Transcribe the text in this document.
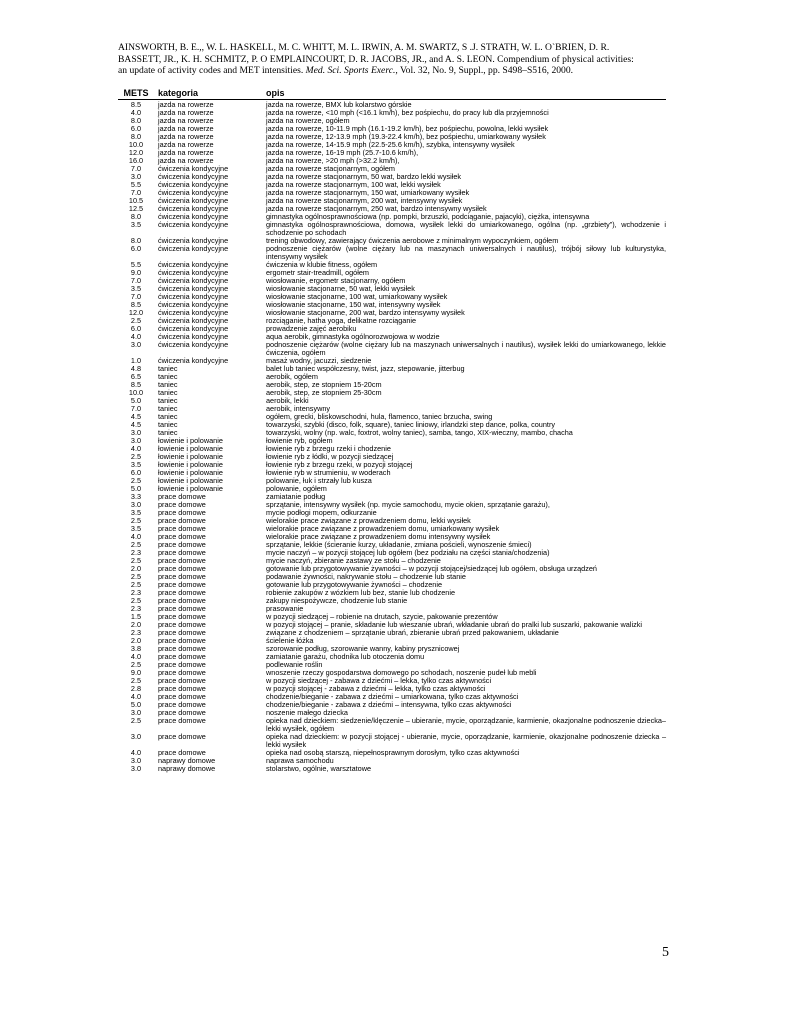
AINSWORTH, B. E.,, W. L. HASKELL, M. C. WHITT, M. L. IRWIN, A. M. SWARTZ, S .J. STRATH, W. L. O`BRIEN, D. R.

BASSETT, JR., K. H. SCHMITZ, P. O EMPLAINCOURT, D. R. JACOBS, JR., and A. S. LEON. Compendium of physical activities:

an update of activity codes and MET intensities. Med. Sci. Sports Exerc., Vol. 32, No. 9, Suppl., pp. S498–S516, 2000.

METS	kategoria	opis
8.5	jazda na rowerze	jazda na rowerze, BMX lub kolarstwo górskie
4.0	jazda na rowerze	jazda na rowerze, <10 mph (<16.1 km/h), bez pośpiechu, do pracy lub dla przyjemności
8.0	jazda na rowerze	jazda na rowerze, ogółem
6.0	jazda na rowerze	jazda na rowerze, 10-11.9 mph (16.1-19.2 km/h), bez pośpiechu, powolna, lekki wysiłek
8.0	jazda na rowerze	jazda na rowerze, 12-13.9 mph (19.3-22.4 km/h), bez pośpiechu, umiarkowany wysiłek
10.0	jazda na rowerze	jazda na rowerze, 14-15.9 mph (22.5-25.6 km/h), szybka, intensywny wysiłek
12.0	jazda na rowerze	jazda na rowerze, 16-19 mph (25.7-10.6 km/h),
16.0	jazda na rowerze	jazda na rowerze, >20 mph (>32.2 km/h),
7.0	ćwiczenia kondycyjne	jazda na rowerze stacjonarnym, ogółem
3.0	ćwiczenia kondycyjne	jazda na rowerze stacjonarnym, 50 wat, bardzo lekki wysiłek
5.5	ćwiczenia kondycyjne	jazda na rowerze stacjonarnym, 100 wat, lekki wysiłek
7.0	ćwiczenia kondycyjne	jazda na rowerze stacjonarnym, 150 wat, umiarkowany wysiłek
10.5	ćwiczenia kondycyjne	jazda na rowerze stacjonarnym, 200 wat, intensywny wysiłek
12.5	ćwiczenia kondycyjne	jazda na rowerze stacjonarnym, 250 wat, bardzo intensywny wysiłek
8.0	ćwiczenia kondycyjne	gimnastyka ogólnosprawnościowa (np. pompki, brzuszki, podciąganie, pajacyki), ciężka, intensywna
3.5	ćwiczenia kondycyjne	gimnastyka ogólnosprawnościowa, domowa, wysiłek lekki do umiarkowanego, ogólna (np. „grzbiety”), wchodzenie i schodzenie po schodach
8.0	ćwiczenia kondycyjne	trening obwodowy, zawierający ćwiczenia aerobowe z minimalnym wypoczynkiem, ogółem
6.0	ćwiczenia kondycyjne	podnoszenie ciężarów (wolne ciężary lub na maszynach uniwersalnych i nautilus), trójbój siłowy lub kulturystyka, intensywny wysiłek
5.5	ćwiczenia kondycyjne	ćwiczenia w klubie fitness, ogółem
9.0	ćwiczenia kondycyjne	ergometr stair-treadmill, ogółem
7.0	ćwiczenia kondycyjne	wiosłowanie, ergometr stacjonarny, ogółem
3.5	ćwiczenia kondycyjne	wiosłowanie stacjonarne, 50 wat, lekki wysiłek
7.0	ćwiczenia kondycyjne	wiosłowanie stacjonarne, 100 wat, umiarkowany wysiłek
8.5	ćwiczenia kondycyjne	wiosłowanie stacjonarne, 150 wat, intensywny wysiłek
12.0	ćwiczenia kondycyjne	wiosłowanie stacjonarne, 200 wat, bardzo intensywny wysiłek
2.5	ćwiczenia kondycyjne	rozciąganie, hatha yoga, delikatne rozciąganie
6.0	ćwiczenia kondycyjne	prowadzenie zajęć aerobiku
4.0	ćwiczenia kondycyjne	aqua aerobik, gimnastyka ogólnorozwojowa w wodzie
3.0	ćwiczenia kondycyjne	podnoszenie ciężarów (wolne ciężary lub na maszynach uniwersalnych i nautilus), wysiłek lekki do umiarkowanego, lekkie ćwiczenia, ogółem
1.0	ćwiczenia kondycyjne	masaż wodny, jacuzzi, siedzenie
4.8	taniec	balet lub taniec współczesny, twist, jazz, stepowanie, jitterbug
6.5	taniec	aerobik, ogółem
8.5	taniec	aerobik, step, ze stopniem 15-20cm
10.0	taniec	aerobik, step, ze stopniem 25-30cm
5.0	taniec	aerobik, lekki
7.0	taniec	aerobik, intensywny
4.5	taniec	ogółem, grecki, bliskowschodni, hula, flamenco, taniec brzucha, swing
4.5	taniec	towarzyski, szybki (disco, folk, square), taniec liniowy, irlandzki step dance, polka, country
3.0	taniec	towarzyski, wolny (np. walc, foxtrot, wolny taniec), samba, tango, XIX-wieczny, mambo, chacha
3.0	łowienie i polowanie	łowienie ryb, ogółem
4.0	łowienie i polowanie	łowienie ryb z brzegu rzeki i chodzenie
2.5	łowienie i polowanie	łowienie ryb z łódki, w pozycji siedzącej
3.5	łowienie i polowanie	łowienie ryb z brzegu rzeki, w pozycji stojącej
6.0	łowienie i polowanie	łowienie ryb w strumieniu, w woderach
2.5	łowienie i polowanie	polowanie, łuk i strzały lub kusza
5.0	łowienie i polowanie	polowanie, ogółem
3.3	prace domowe	zamiatanie podług
3.0	prace domowe	sprzątanie, intensywny wysiłek (np. mycie samochodu, mycie okien, sprzątanie garażu),
3.5	prace domowe	mycie podłogi mopem, odkurzanie
2.5	prace domowe	wielorakie prace związane z prowadzeniem domu, lekki wysiłek
3.5	prace domowe	wielorakie prace związane z prowadzeniem domu, umiarkowany wysiłek
4.0	prace domowe	wielorakie prace związane z prowadzeniem domu intensywny wysiłek
2.5	prace domowe	sprzątanie, lekkie (ścieranie kurzy, układanie, zmiana pościeli, wynoszenie śmieci)
2.3	prace domowe	mycie naczyń – w pozycji stojącej lub ogółem (bez podziału na części stania/chodzenia)
2.5	prace domowe	mycie naczyń, zbieranie zastawy ze stołu – chodzenie
2.0	prace domowe	gotowanie lub przygotowywanie żywności – w pozycji stojącej/siedzącej lub ogółem, obsługa urządzeń
2.5	prace domowe	podawanie żywności, nakrywanie stołu – chodzenie lub stanie
2.5	prace domowe	gotowanie lub przygotowywanie żywności – chodzenie
2.3	prace domowe	robienie zakupów z wózkiem lub bez, stanie lub chodzenie
2.5	prace domowe	zakupy niespożywcze, chodzenie lub stanie
2.3	prace domowe	prasowanie
1.5	prace domowe	w pozycji siedzącej – robienie na drutach, szycie, pakowanie prezentów
2.0	prace domowe	w pozycji stojącej – pranie, składanie lub wieszanie ubrań, wkładanie ubrań do pralki lub suszarki, pakowanie walizki
2.3	prace domowe	związane z chodzeniem – sprzątanie ubrań, zbieranie ubrań przed pakowaniem, układanie
2.0	prace domowe	ścielenie łóżka
3.8	prace domowe	szorowanie podług, szorowanie wanny, kabiny prysznicowej
4.0	prace domowe	zamiatanie garażu, chodnika lub otoczenia domu
2.5	prace domowe	podlewanie roślin
9.0	prace domowe	wnoszenie rzeczy gospodarstwa domowego po schodach, noszenie pudeł lub mebli
2.5	prace domowe	w pozycji siedzącej - zabawa z dziećmi – lekka, tylko czas aktywności
2.8	prace domowe	w pozycji stojącej - zabawa z dziećmi – lekka, tylko czas aktywności
4.0	prace domowe	chodzenie/bieganie - zabawa z dziećmi – umiarkowana, tylko czas aktywności
5.0	prace domowe	chodzenie/bieganie - zabawa z dziećmi – intensywna, tylko czas aktywności
3.0	prace domowe	noszenie małego dziecka
2.5	prace domowe	opieka nad dzieckiem: siedzenie/klęczenie – ubieranie, mycie, oporządzanie, karmienie, okazjonalne podnoszenie dziecka– lekki wysiłek, ogółem
3.0	prace domowe	opieka nad dzieckiem: w pozycji stojącej - ubieranie, mycie, oporządzanie, karmienie, okazjonalne podnoszenie dziecka – lekki wysiłek
4.0	prace domowe	opieka nad osobą starszą, niepełnosprawnym dorosłym, tylko czas aktywności
3.0	naprawy domowe	naprawa samochodu
3.0	naprawy domowe	stolarstwo, ogólnie, warsztatowe
5
